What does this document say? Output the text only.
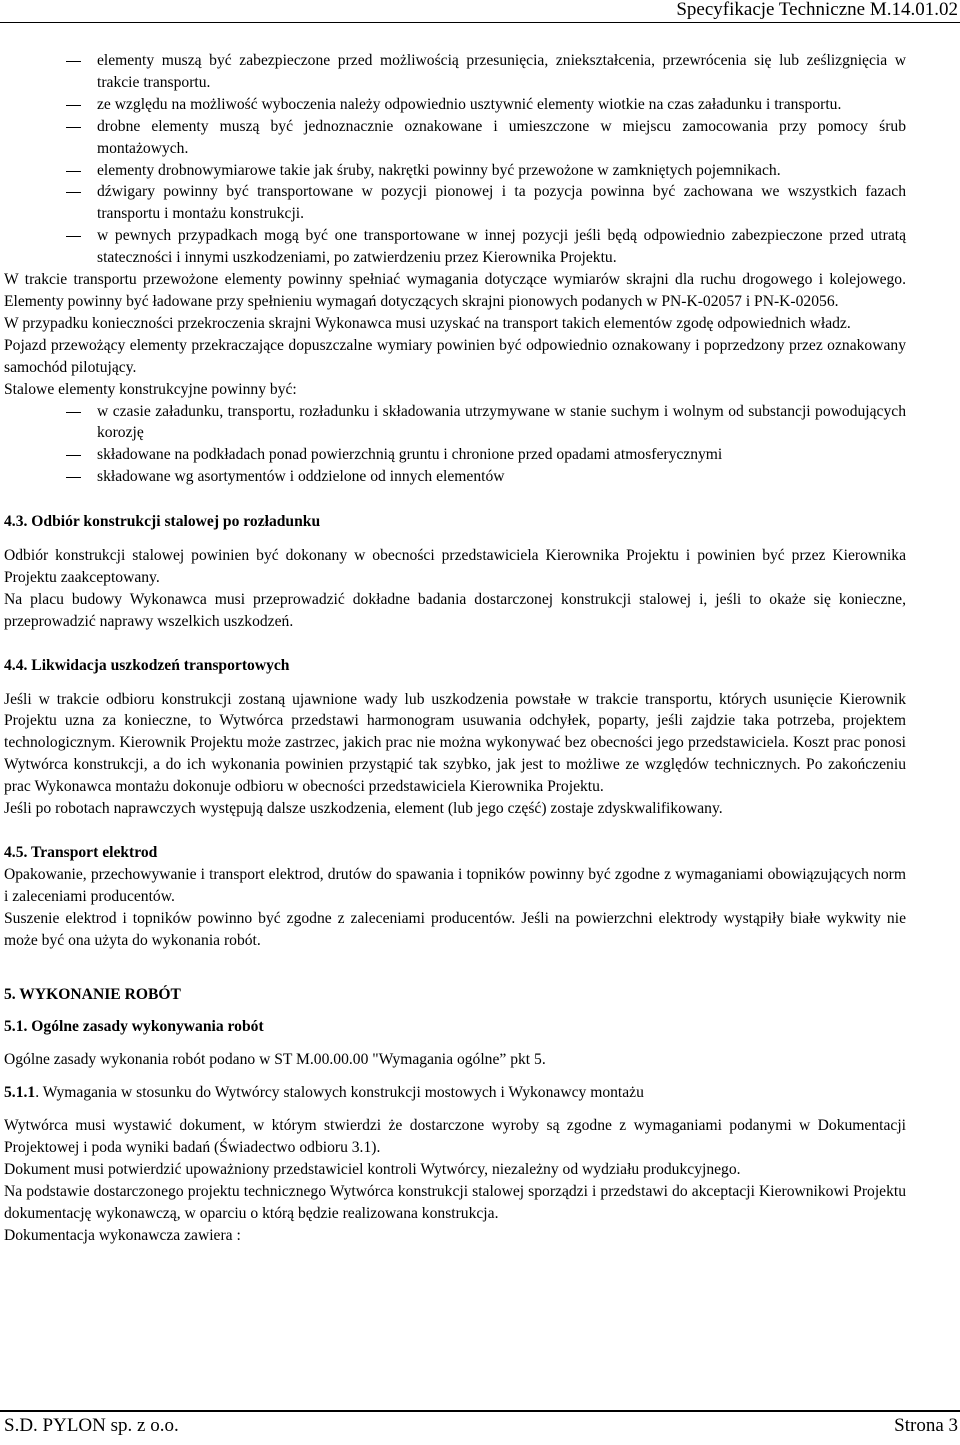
Specyfikacje Techniczne M.14.01.02
elementy muszą być zabezpieczone przed możliwością przesunięcia, zniekształcenia, przewrócenia się lub ześlizgnięcia w trakcie transportu.
ze względu na możliwość wyboczenia należy odpowiednio usztywnić elementy wiotkie na czas załadunku i transportu.
drobne elementy muszą być jednoznacznie oznakowane i umieszczone w miejscu zamocowania przy pomocy śrub montażowych.
elementy drobnowymiarowe takie jak śruby, nakrętki powinny być przewożone w zamkniętych pojemnikach.
dźwigary powinny być transportowane w pozycji pionowej i ta pozycja powinna być zachowana we wszystkich fazach transportu i montażu konstrukcji.
w pewnych przypadkach mogą być one transportowane w innej pozycji jeśli będą odpowiednio zabezpieczone przed utratą stateczności i innymi uszkodzeniami, po zatwierdzeniu przez Kierownika Projektu.

W trakcie transportu przewożone elementy powinny spełniać wymagania dotyczące wymiarów skrajni dla ruchu drogowego i kolejowego. Elementy powinny być ładowane przy spełnieniu wymagań dotyczących skrajni pionowych podanych w PN-K-02057 i PN-K-02056.

W przypadku konieczności przekroczenia skrajni Wykonawca musi uzyskać na transport takich elementów zgodę odpowiednich władz.

Pojazd przewożący elementy przekraczające dopuszczalne wymiary powinien być odpowiednio oznakowany i poprzedzony przez oznakowany samochód pilotujący.

Stalowe elementy konstrukcyjne powinny być:

w czasie załadunku, transportu, rozładunku i składowania utrzymywane w stanie suchym i wolnym od substancji powodujących korozję
składowane na podkładach ponad powierzchnią gruntu i chronione przed opadami atmosferycznymi
składowane wg asortymentów i oddzielone od innych elementów
4.3. Odbiór konstrukcji stalowej po rozładunku

Odbiór konstrukcji stalowej powinien być dokonany w obecności przedstawiciela Kierownika Projektu i powinien być przez Kierownika Projektu zaakceptowany.

Na placu budowy Wykonawca musi przeprowadzić dokładne badania dostarczonej konstrukcji stalowej i, jeśli to okaże się konieczne, przeprowadzić naprawy wszelkich uszkodzeń.

4.4. Likwidacja uszkodzeń transportowych

Jeśli w trakcie odbioru konstrukcji zostaną ujawnione wady lub uszkodzenia powstałe w trakcie transportu, których usunięcie Kierownik Projektu uzna za konieczne, to Wytwórca przedstawi harmonogram usuwania odchyłek, poparty, jeśli zajdzie taka potrzeba, projektem technologicznym. Kierownik Projektu może zastrzec, jakich prac nie można wykonywać bez obecności jego przedstawiciela. Koszt prac ponosi Wytwórca konstrukcji, a do ich wykonania powinien przystąpić tak szybko, jak jest to możliwe ze względów technicznych. Po zakończeniu prac Wykonawca montażu dokonuje odbioru w obecności przedstawiciela Kierownika Projektu.

Jeśli po robotach naprawczych występują dalsze uszkodzenia, element (lub jego część) zostaje zdyskwalifikowany.

4.5. Transport elektrod

Opakowanie, przechowywanie i transport elektrod, drutów do spawania i topników powinny być zgodne z wymaganiami obowiązujących norm i zaleceniami producentów.

Suszenie elektrod i topników powinno być zgodne z zaleceniami producentów. Jeśli na powierzchni elektrody wystąpiły białe wykwity nie może być ona użyta do wykonania robót.

5. WYKONANIE ROBÓT
5.1. Ogólne zasady wykonywania robót

Ogólne zasady wykonania robót podano w ST M.00.00.00 "Wymagania ogólne” pkt 5.

5.1.1. Wymagania w stosunku do Wytwórcy stalowych konstrukcji mostowych i Wykonawcy montażu

Wytwórca musi wystawić dokument, w którym stwierdzi że dostarczone wyroby są zgodne z wymaganiami podanymi w Dokumentacji Projektowej i poda wyniki badań (Świadectwo odbioru 3.1).

Dokument musi potwierdzić upoważniony przedstawiciel kontroli Wytwórcy, niezależny od wydziału produkcyjnego.

Na podstawie dostarczonego projektu technicznego Wytwórca konstrukcji stalowej sporządzi i przedstawi do akceptacji Kierownikowi Projektu dokumentację wykonawczą, w oparciu o którą będzie realizowana konstrukcja.

Dokumentacja wykonawcza zawiera :

S.D. PYLON sp. z o.o.	Strona 3
